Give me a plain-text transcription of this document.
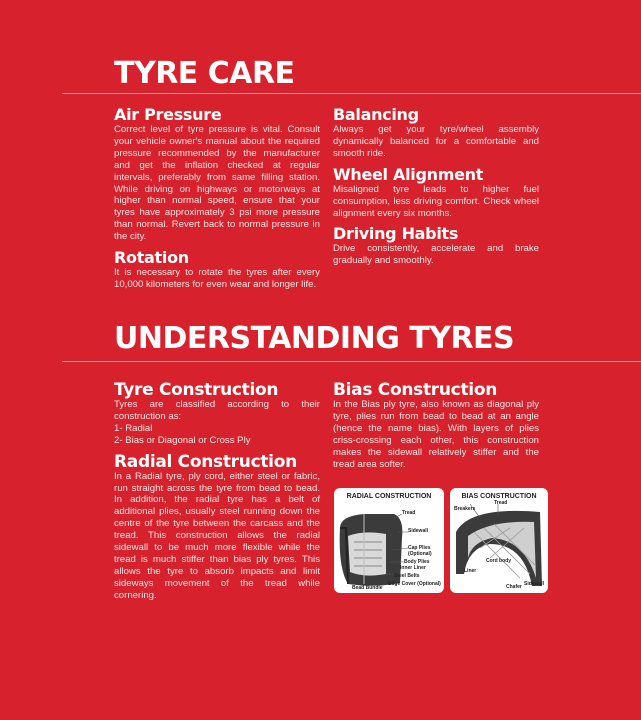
TYRE CARE
Air Pressure

Correct level of tyre pressure is vital. Consult your vehicle owner's manual about the required pressure recommended by the manufacturer and get the inflation checked at regular intervals, preferably from same filling station. While driving on highways or motorways at higher than normal speed, ensure that your tyres have approximately 3 psi more pressure than normal. Revert back to normal pressure in the city.

Rotation

It is necessary to rotate the tyres after every 10,000 kilometers for even wear and longer life.

Balancing

Always get your tyre/wheel assembly dynamically balanced for a comfortable and smooth ride.

Wheel Alignment

Misaligned tyre leads to higher fuel consumption, less driving comfort. Check wheel alignment every six months.

Driving Habits

Drive consistently, accelerate and brake gradually and smoothly.

UNDERSTANDING TYRES
Tyre Construction

Tyres are classified according to their construction as:

1- Radial

2- Bias or Diagonal or Cross Ply

Radial Construction

In a Radial tyre, ply cord, either steel or fabric, run straight across the tyre from bead to bead. In addition, the radial tyre has a belt of additional plies, usually steel running down the centre of the tyre between the carcass and the tread. This construction allows the radial sidewall to be much more flexible while the tread is much stiffer than bias ply tyres. This allows the tyre to absorb impacts and limit sideways movement of the tread while cornering.

Bias Construction

In the Bias ply tyre, also known as diagonal ply tyre, plies run from bead to bead at an angle (hence the name bias). With layers of plies criss-crossing each other, this construction makes the sidewall relatively stiffer and the tread area softer.

RADIAL CONSTRUCTION
Tread
Sidewall
Cap Plies (Optional)
Body Plies
Inner Liner
Steel Belts
Edge Cover (Optional)
Bead Bundle
BIAS CONSTRUCTION
Tread
Breakers
Cord body
Liner
Chafer Sidewall
